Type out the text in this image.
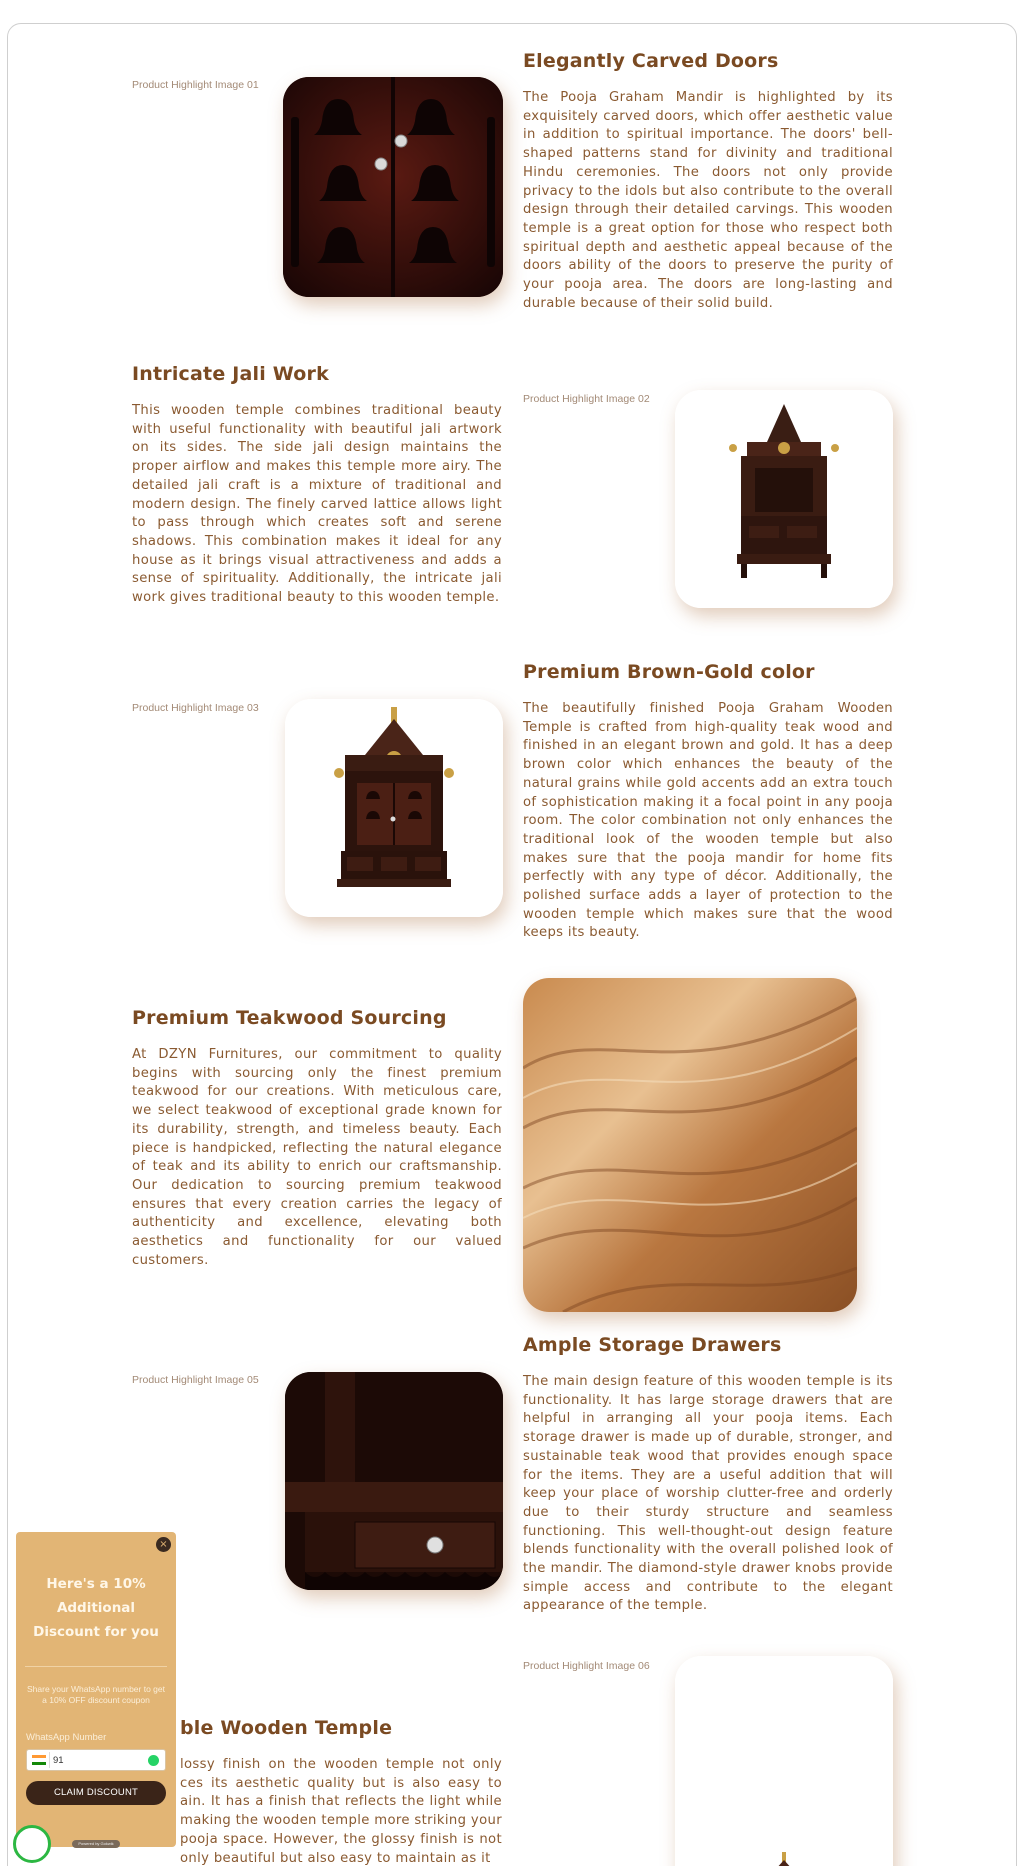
Elegantly Carved Doors
Product Highlight Image 01
The Pooja Graham Mandir is highlighted by its exquisitely carved doors, which offer aesthetic value in addition to spiritual importance. The doors' bell-shaped patterns stand for divinity and traditional Hindu ceremonies. The doors not only provide privacy to the idols but also contribute to the overall design through their detailed carvings. This wooden temple is a great option for those who respect both spiritual depth and aesthetic appeal because of the doors ability of the doors to preserve the purity of your pooja area. The doors are long-lasting and durable because of their solid build.
Intricate Jali Work
This wooden temple combines traditional beauty with useful functionality with beautiful jali artwork on its sides. The side jali design maintains the proper airflow and makes this temple more airy. The detailed jali craft is a mixture of traditional and modern design. The finely carved lattice allows light to pass through which creates soft and serene shadows. This combination makes it ideal for any house as it brings visual attractiveness and adds a sense of spirituality. Additionally, the intricate jali work gives traditional beauty to this wooden temple.
Product Highlight Image 02
Premium Brown-Gold color
The beautifully finished Pooja Graham Wooden Temple is crafted from high-quality teak wood and finished in an elegant brown and gold. It has a deep brown color which enhances the beauty of the natural grains while gold accents add an extra touch of sophistication making it a focal point in any pooja room. The color combination not only enhances the traditional look of the wooden temple but also makes sure that the pooja mandir for home fits perfectly with any type of décor. Additionally, the polished surface adds a layer of protection to the wooden temple which makes sure that the wood keeps its beauty.
Product Highlight Image 03
Premium Teakwood Sourcing
At DZYN Furnitures, our commitment to quality begins with sourcing only the finest premium teakwood for our creations. With meticulous care, we select teakwood of exceptional grade known for its durability, strength, and timeless beauty. Each piece is handpicked, reflecting the natural elegance of teak and its ability to enrich our craftsmanship. Our dedication to sourcing premium teakwood ensures that every creation carries the legacy of authenticity and excellence, elevating both aesthetics and functionality for our valued customers.
Ample Storage Drawers
The main design feature of this wooden temple is its functionality. It has large storage drawers that are helpful in arranging all your pooja items. Each storage drawer is made up of durable, stronger, and sustainable teak wood that provides enough space for the items. They are a useful addition that will keep your place of worship clutter-free and orderly due to their sturdy structure and seamless functioning. This well-thought-out design feature blends functionality with the overall polished look of the mandir. The diamond-style drawer knobs provide simple access and contribute to the elegant appearance of the temple.
Product Highlight Image 05
ble Wooden Temple
lossy finish on the wooden temple not only ces its aesthetic quality but is also easy to ain. It has a finish that reflects the light while making the wooden temple more striking your pooja space. However, the glossy finish is not only beautiful but also easy to maintain as it
Product Highlight Image 06
×
Here's a 10% Additional Discount for you
Share your WhatsApp number to get a 10% OFF discount coupon
WhatsApp Number
91
CLAIM DISCOUNT
Powered by Gokwik
